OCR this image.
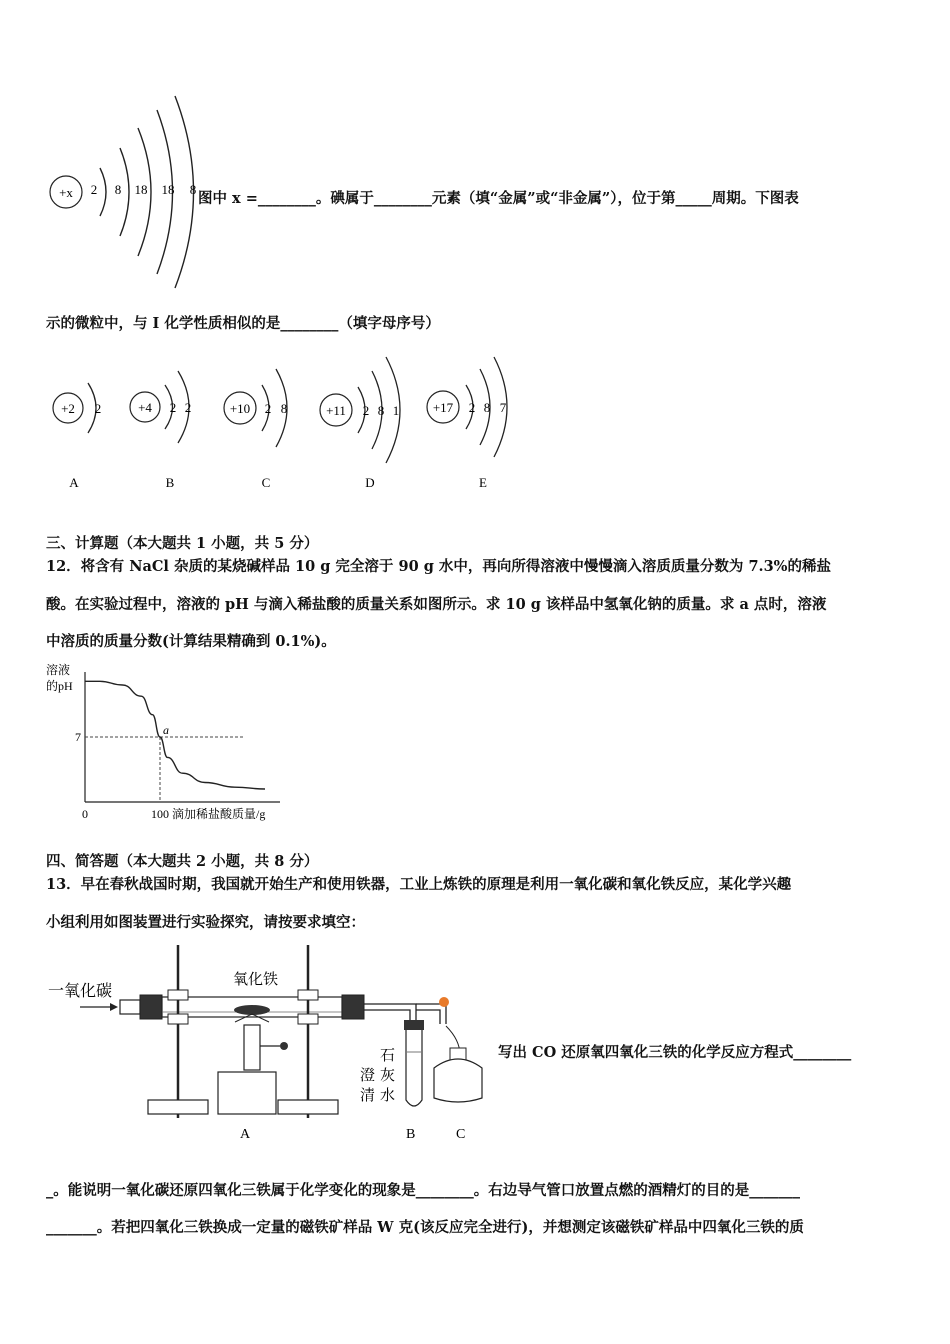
+x 2 8 18 18 8
图中 x =________。碘属于________元素（填“金属”或“非金属”），位于第_____周期。下图表
示的微粒中，与 I 化学性质相似的是________（填字母序号）
+2 2
A
+4 2 2
B
+10 2 8
C
+11 2 8 1
D
+17 2 8 7
E
三、计算题（本大题共 1 小题，共 5 分）
12．将含有 NaCl 杂质的某烧碱样品 10 g 完全溶于 90 g 水中，再向所得溶液中慢慢滴入溶质质量分数为 7.3%的稀盐
酸。在实验过程中，溶液的 pH 与滴入稀盐酸的质量关系如图所示。求 10 g 该样品中氢氧化钠的质量。求 a 点时，溶液
中溶质的质量分数(计算结果精确到 0.1%)。
溶液
的pH
7
0	100 滴加稀盐酸质量/g
a
四、简答题（本大题共 2 小题，共 8 分）
13．早在春秋战国时期，我国就开始生产和使用铁器，工业上炼铁的原理是利用一氧化碳和氧化铁反应，某化学兴趣
小组利用如图装置进行实验探究，请按要求填空：
一氧化碳
氧化铁
澄
清
石
灰
水
A	B	C
写出 CO 还原氧四氧化三铁的化学反应方程式________
_。能说明一氧化碳还原四氧化三铁属于化学变化的现象是________。右边导气管口放置点燃的酒精灯的目的是_______
_______。若把四氧化三铁换成一定量的磁铁矿样品 W 克(该反应完全进行)，并想测定该磁铁矿样品中四氧化三铁的质
